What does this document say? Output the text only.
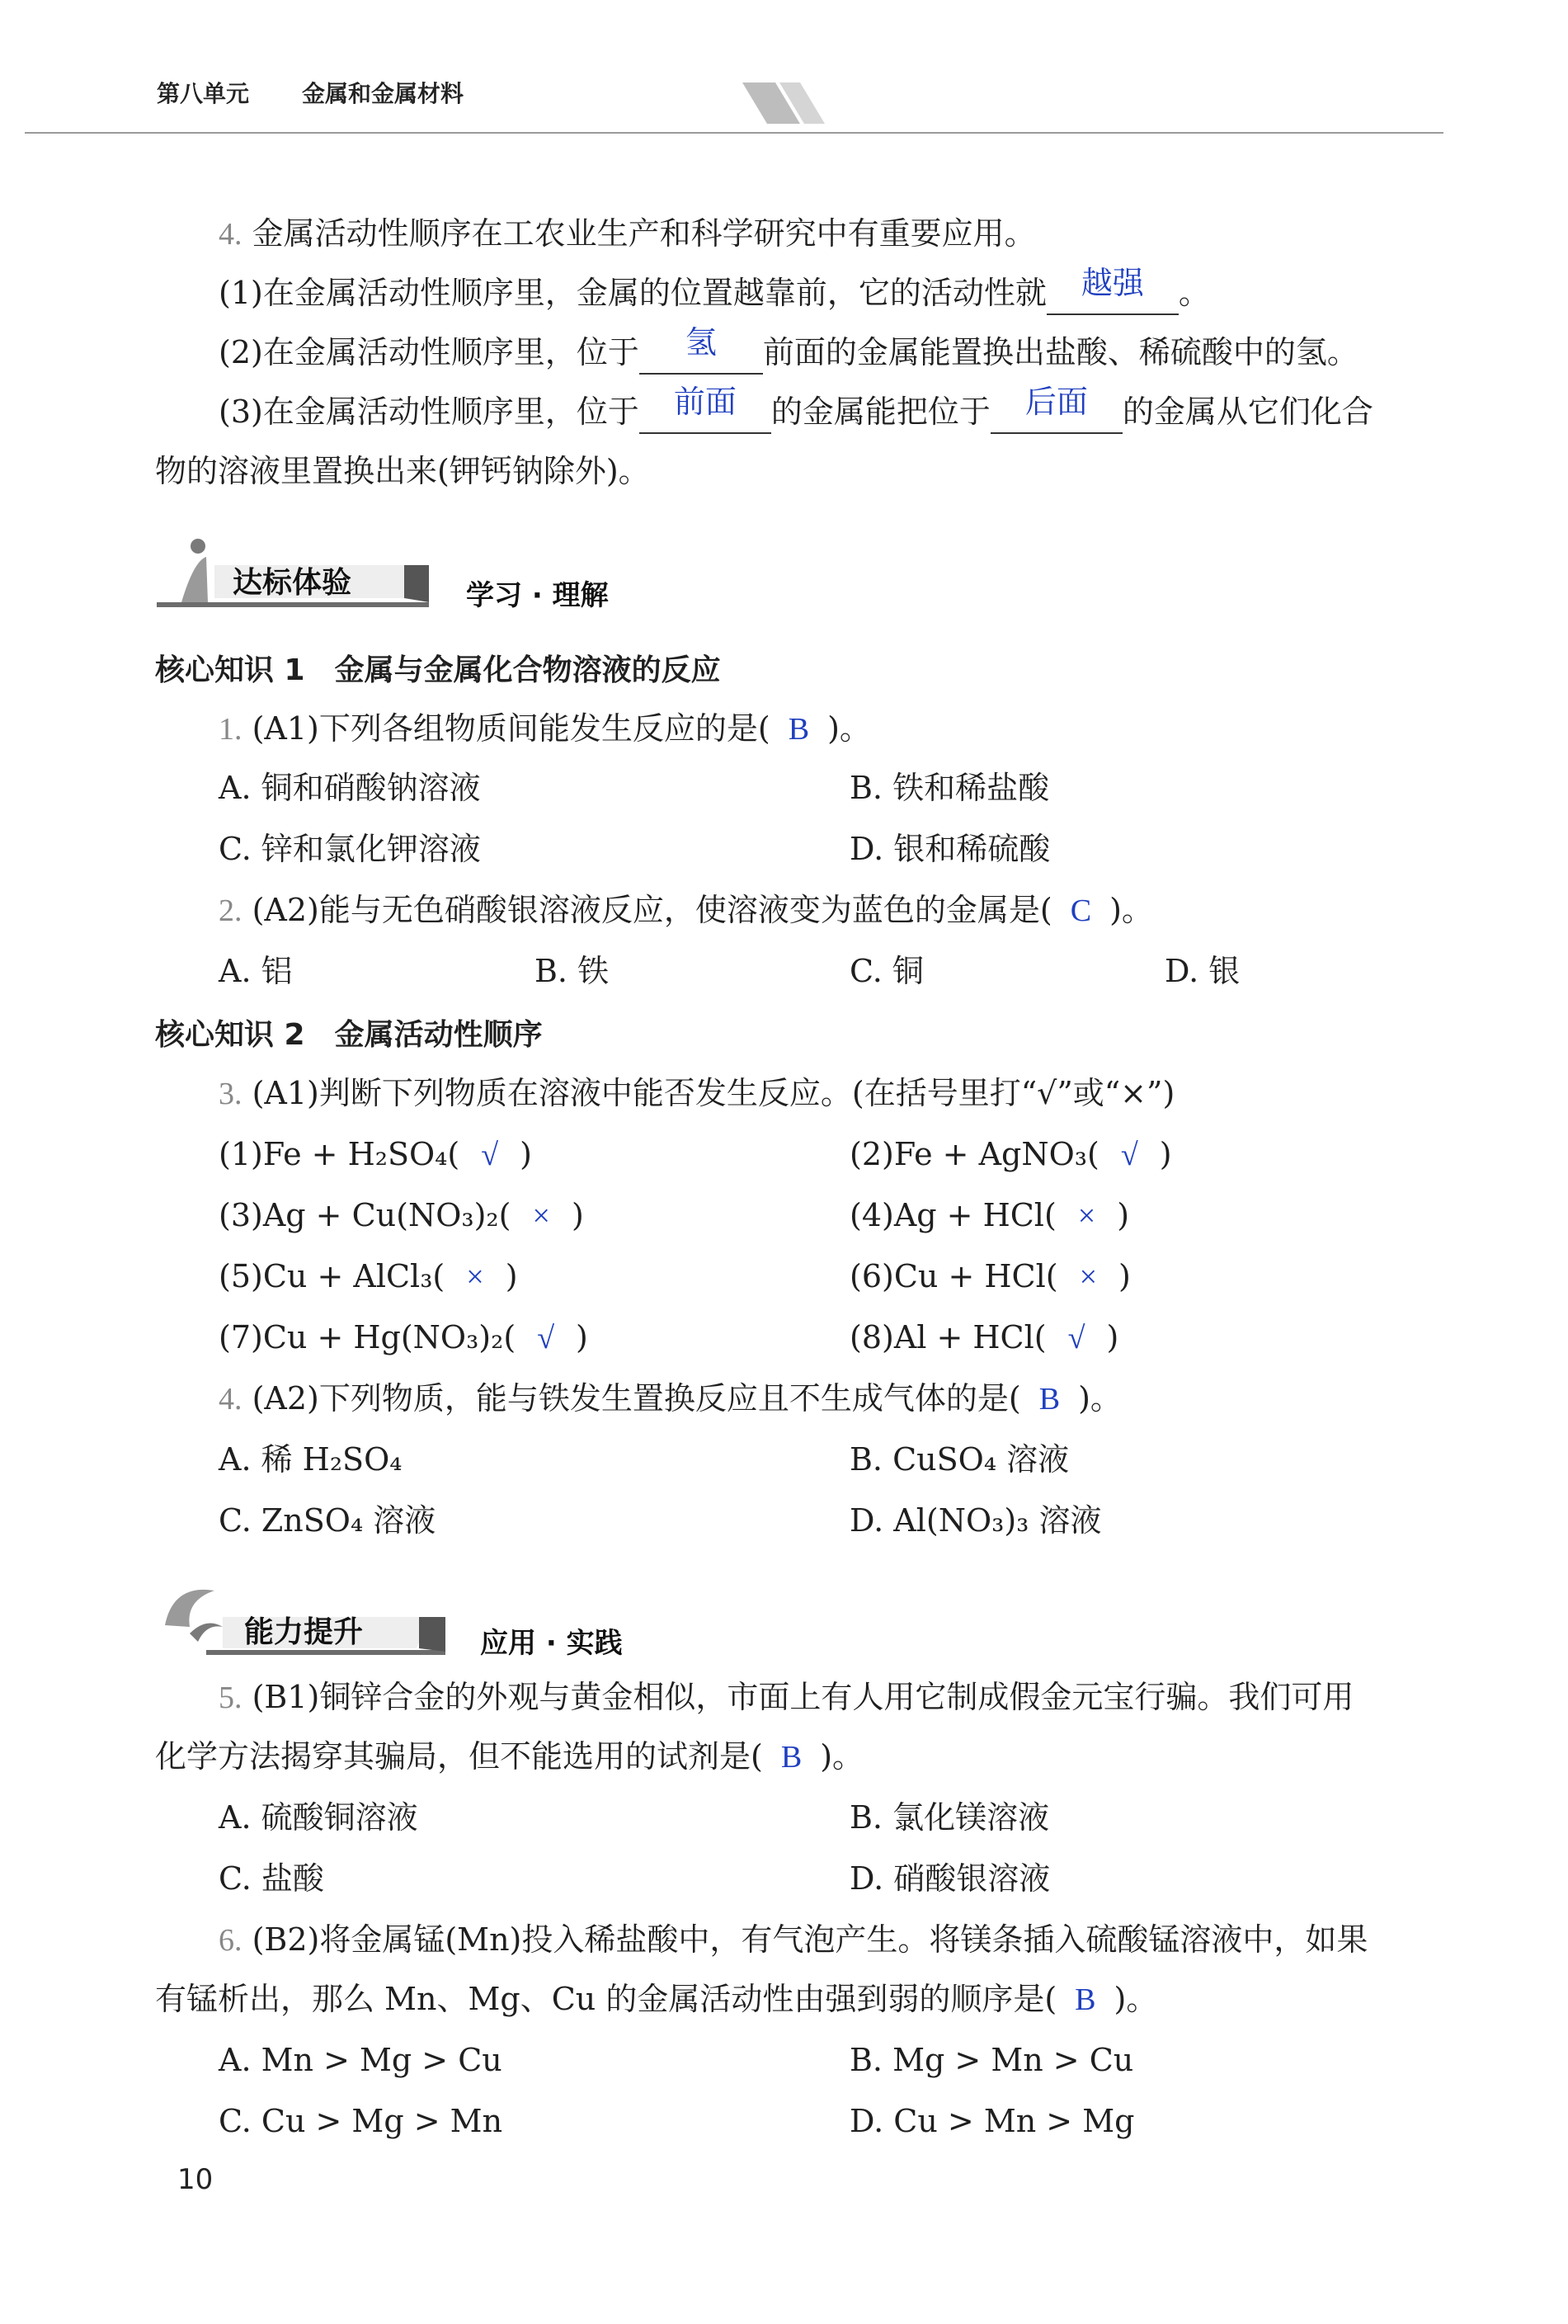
第八单元 金属和金属材料
4. 金属活动性顺序在工农业生产和科学研究中有重要应用。
(1)在金属活动性顺序里，金属的位置越靠前，它的活动性就 越强 。
(2)在金属活动性顺序里，位于 氢 前面的金属能置换出盐酸、稀硫酸中的氢。
(3)在金属活动性顺序里，位于 前面 的金属能把位于 后面 的金属从它们化合
物的溶液里置换出来(钾钙钠除外)。
达标体验	学习 · 理解
核心知识 1　金属与金属化合物溶液的反应
1. (A1)下列各组物质间能发生反应的是( B )。
A. 铜和硝酸钠溶液	B. 铁和稀盐酸
C. 锌和氯化钾溶液	D. 银和稀硫酸
2. (A2)能与无色硝酸银溶液反应，使溶液变为蓝色的金属是( C )。
A. 铝	B. 铁	C. 铜	D. 银
核心知识 2　金属活动性顺序
3. (A1)判断下列物质在溶液中能否发生反应。(在括号里打“√”或“×”)
(1)Fe + H₂SO₄( √ )	(2)Fe + AgNO₃( √ )
(3)Ag + Cu(NO₃)₂( × )	(4)Ag + HCl( × )
(5)Cu + AlCl₃( × )	(6)Cu + HCl( × )
(7)Cu + Hg(NO₃)₂( √ )	(8)Al + HCl( √ )
4. (A2)下列物质，能与铁发生置换反应且不生成气体的是( B )。
A. 稀 H₂SO₄	B. CuSO₄ 溶液
C. ZnSO₄ 溶液	D. Al(NO₃)₃ 溶液
能力提升	应用 · 实践
5. (B1)铜锌合金的外观与黄金相似，市面上有人用它制成假金元宝行骗。我们可用
化学方法揭穿其骗局，但不能选用的试剂是( B )。
A. 硫酸铜溶液	B. 氯化镁溶液
C. 盐酸	D. 硝酸银溶液
6. (B2)将金属锰(Mn)投入稀盐酸中，有气泡产生。将镁条插入硫酸锰溶液中，如果
有锰析出，那么 Mn、Mg、Cu 的金属活动性由强到弱的顺序是( B )。
A. Mn > Mg > Cu	B. Mg > Mn > Cu
C. Cu > Mg > Mn	D. Cu > Mn > Mg
10
